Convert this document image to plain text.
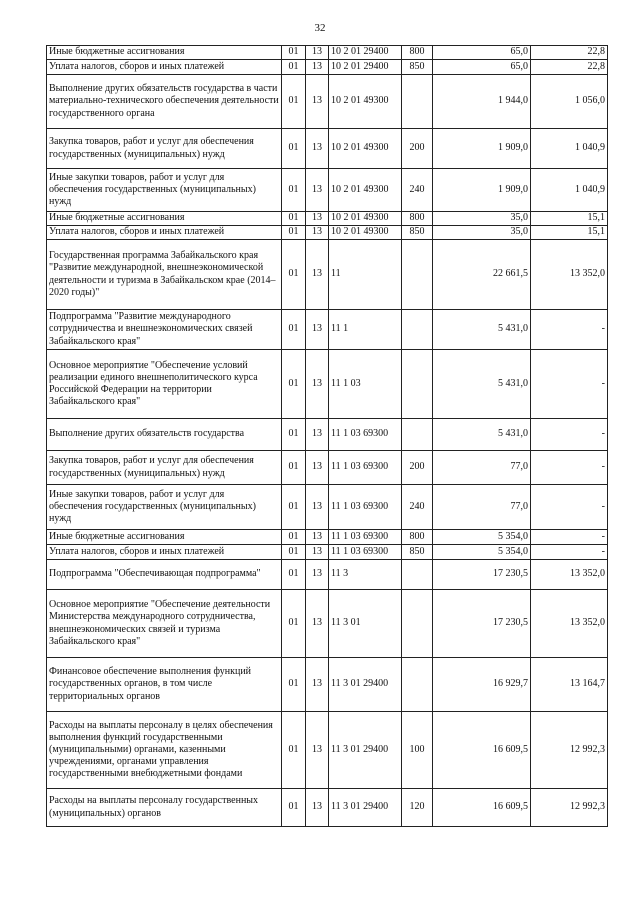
32
Иные бюджетные ассигнования	01	13	10 2 01 29400	800	65,0	22,8
Уплата налогов, сборов и иных платежей	01	13	10 2 01 29400	850	65,0	22,8
Выполнение других обязательств государства в части материально-технического обеспечения деятельности государственного органа	01	13	10 2 01 49300		1 944,0	1 056,0
Закупка товаров, работ и услуг для обеспечения государственных (муниципальных) нужд	01	13	10 2 01 49300	200	1 909,0	1 040,9
Иные закупки товаров, работ и услуг для обеспечения государственных (муниципальных) нужд	01	13	10 2 01 49300	240	1 909,0	1 040,9
Иные бюджетные ассигнования	01	13	10 2 01 49300	800	35,0	15,1
Уплата налогов, сборов и иных платежей	01	13	10 2 01 49300	850	35,0	15,1
Государственная программа Забайкальского края "Развитие международной, внешнеэкономической деятельности и туризма в Забайкальском крае (2014–2020 годы)"	01	13	11		22 661,5	13 352,0
Подпрограмма "Развитие международного сотрудничества и внешнеэкономических связей Забайкальского края"	01	13	11 1		5 431,0	-
Основное мероприятие "Обеспечение условий реализации единого внешнеполитического курса Российской Федерации на территории Забайкальского края"	01	13	11 1 03		5 431,0	-
Выполнение других обязательств государства	01	13	11 1 03 69300		5 431,0	-
Закупка товаров, работ и услуг для обеспечения государственных (муниципальных) нужд	01	13	11 1 03 69300	200	77,0	-
Иные закупки товаров, работ и услуг для обеспечения государственных (муниципальных) нужд	01	13	11 1 03 69300	240	77,0	-
Иные бюджетные ассигнования	01	13	11 1 03 69300	800	5 354,0	-
Уплата налогов, сборов и иных платежей	01	13	11 1 03 69300	850	5 354,0	-
Подпрограмма "Обеспечивающая подпрограмма"	01	13	11 3		17 230,5	13 352,0
Основное мероприятие "Обеспечение деятельности Министерства международного сотрудничества, внешнеэкономических связей и туризма Забайкальского края"	01	13	11 3 01		17 230,5	13 352,0
Финансовое обеспечение выполнения функций государственных органов, в том числе территориальных органов	01	13	11 3 01 29400		16 929,7	13 164,7
Расходы на выплаты персоналу в целях обеспечения выполнения функций государственными (муниципальными) органами, казенными учреждениями, органами управления государственными внебюджетными фондами	01	13	11 3 01 29400	100	16 609,5	12 992,3
Расходы на выплаты персоналу государственных (муниципальных) органов	01	13	11 3 01 29400	120	16 609,5	12 992,3
